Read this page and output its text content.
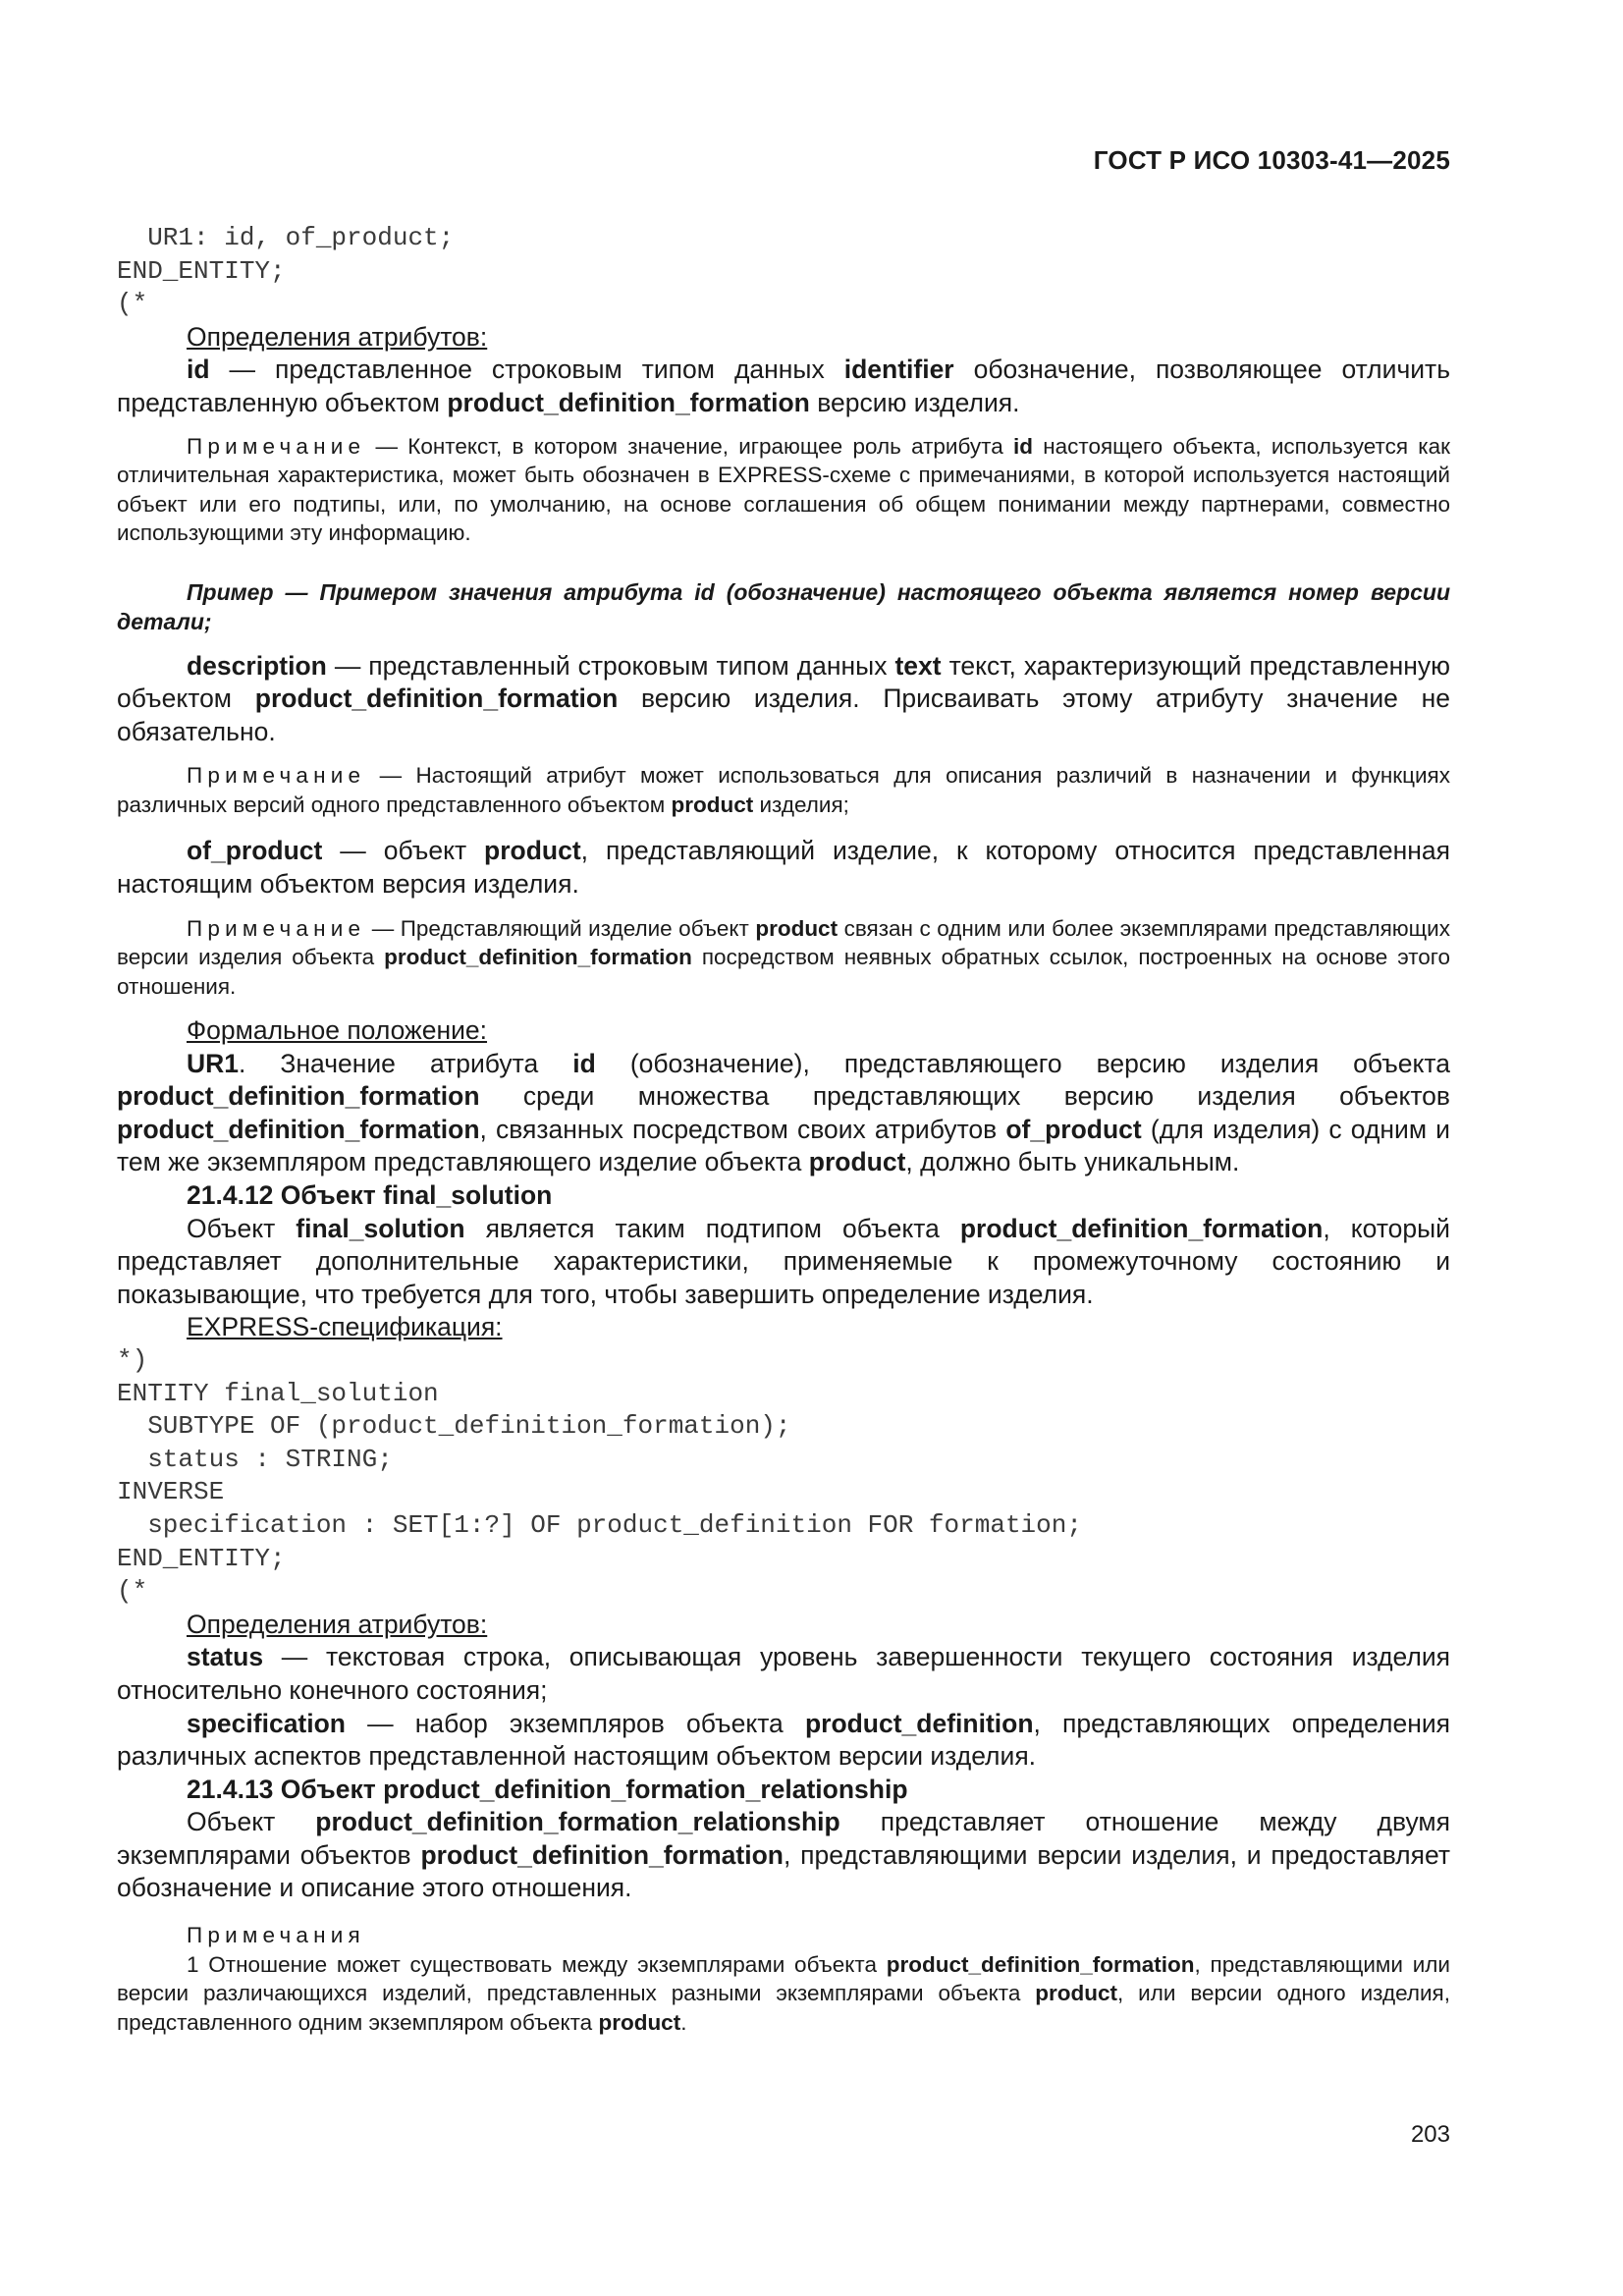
ГОСТ Р ИСО 10303-41—2025
UR1: id, of_product;
END_ENTITY;
(*

Определения атрибутов:

id — представленное строковым типом данных identifier обозначение, позволяющее отличить представленную объектом product_definition_formation версию изделия.

Примечание — Контекст, в котором значение, играющее роль атрибута id настоящего объекта, используется как отличительная характеристика, может быть обозначен в EXPRESS-схеме с примечаниями, в которой используется настоящий объект или его подтипы, или, по умолчанию, на основе соглашения об общем понимании между партнерами, совместно использующими эту информацию.

Пример — Примером значения атрибута id (обозначение) настоящего объекта является номер версии детали;

description — представленный строковым типом данных text текст, характеризующий представленную объектом product_definition_formation версию изделия. Присваивать этому атрибуту значение не обязательно.

Примечание — Настоящий атрибут может использоваться для описания различий в назначении и функциях различных версий одного представленного объектом product изделия;

of_product — объект product, представляющий изделие, к которому относится представленная настоящим объектом версия изделия.

Примечание — Представляющий изделие объект product связан с одним или более экземплярами представляющих версии изделия объекта product_definition_formation посредством неявных обратных ссылок, построенных на основе этого отношения.

Формальное положение:

UR1. Значение атрибута id (обозначение), представляющего версию изделия объекта product_definition_formation среди множества представляющих версию изделия объектов product_definition_formation, связанных посредством своих атрибутов of_product (для изделия) с одним и тем же экземпляром представляющего изделие объекта product, должно быть уникальным.

21.4.12 Объект final_solution

Объект final_solution является таким подтипом объекта product_definition_formation, который представляет дополнительные характеристики, применяемые к промежуточному состоянию и показывающие, что требуется для того, чтобы завершить определение изделия.

EXPRESS-спецификация:

*)
ENTITY final_solution
SUBTYPE OF (product_definition_formation);
status : STRING;
INVERSE
specification : SET[1:?] OF product_definition FOR formation;
END_ENTITY;
(*

Определения атрибутов:

status — текстовая строка, описывающая уровень завершенности текущего состояния изделия относительно конечного состояния;

specification — набор экземпляров объекта product_definition, представляющих определения различных аспектов представленной настоящим объектом версии изделия.

21.4.13 Объект product_definition_formation_relationship

Объект product_definition_formation_relationship представляет отношение между двумя экземплярами объектов product_definition_formation, представляющими версии изделия, и предоставляет обозначение и описание этого отношения.

Примечания

1 Отношение может существовать между экземплярами объекта product_definition_formation, представляющими или версии различающихся изделий, представленных разными экземплярами объекта product, или версии одного изделия, представленного одним экземпляром объекта product.

203
